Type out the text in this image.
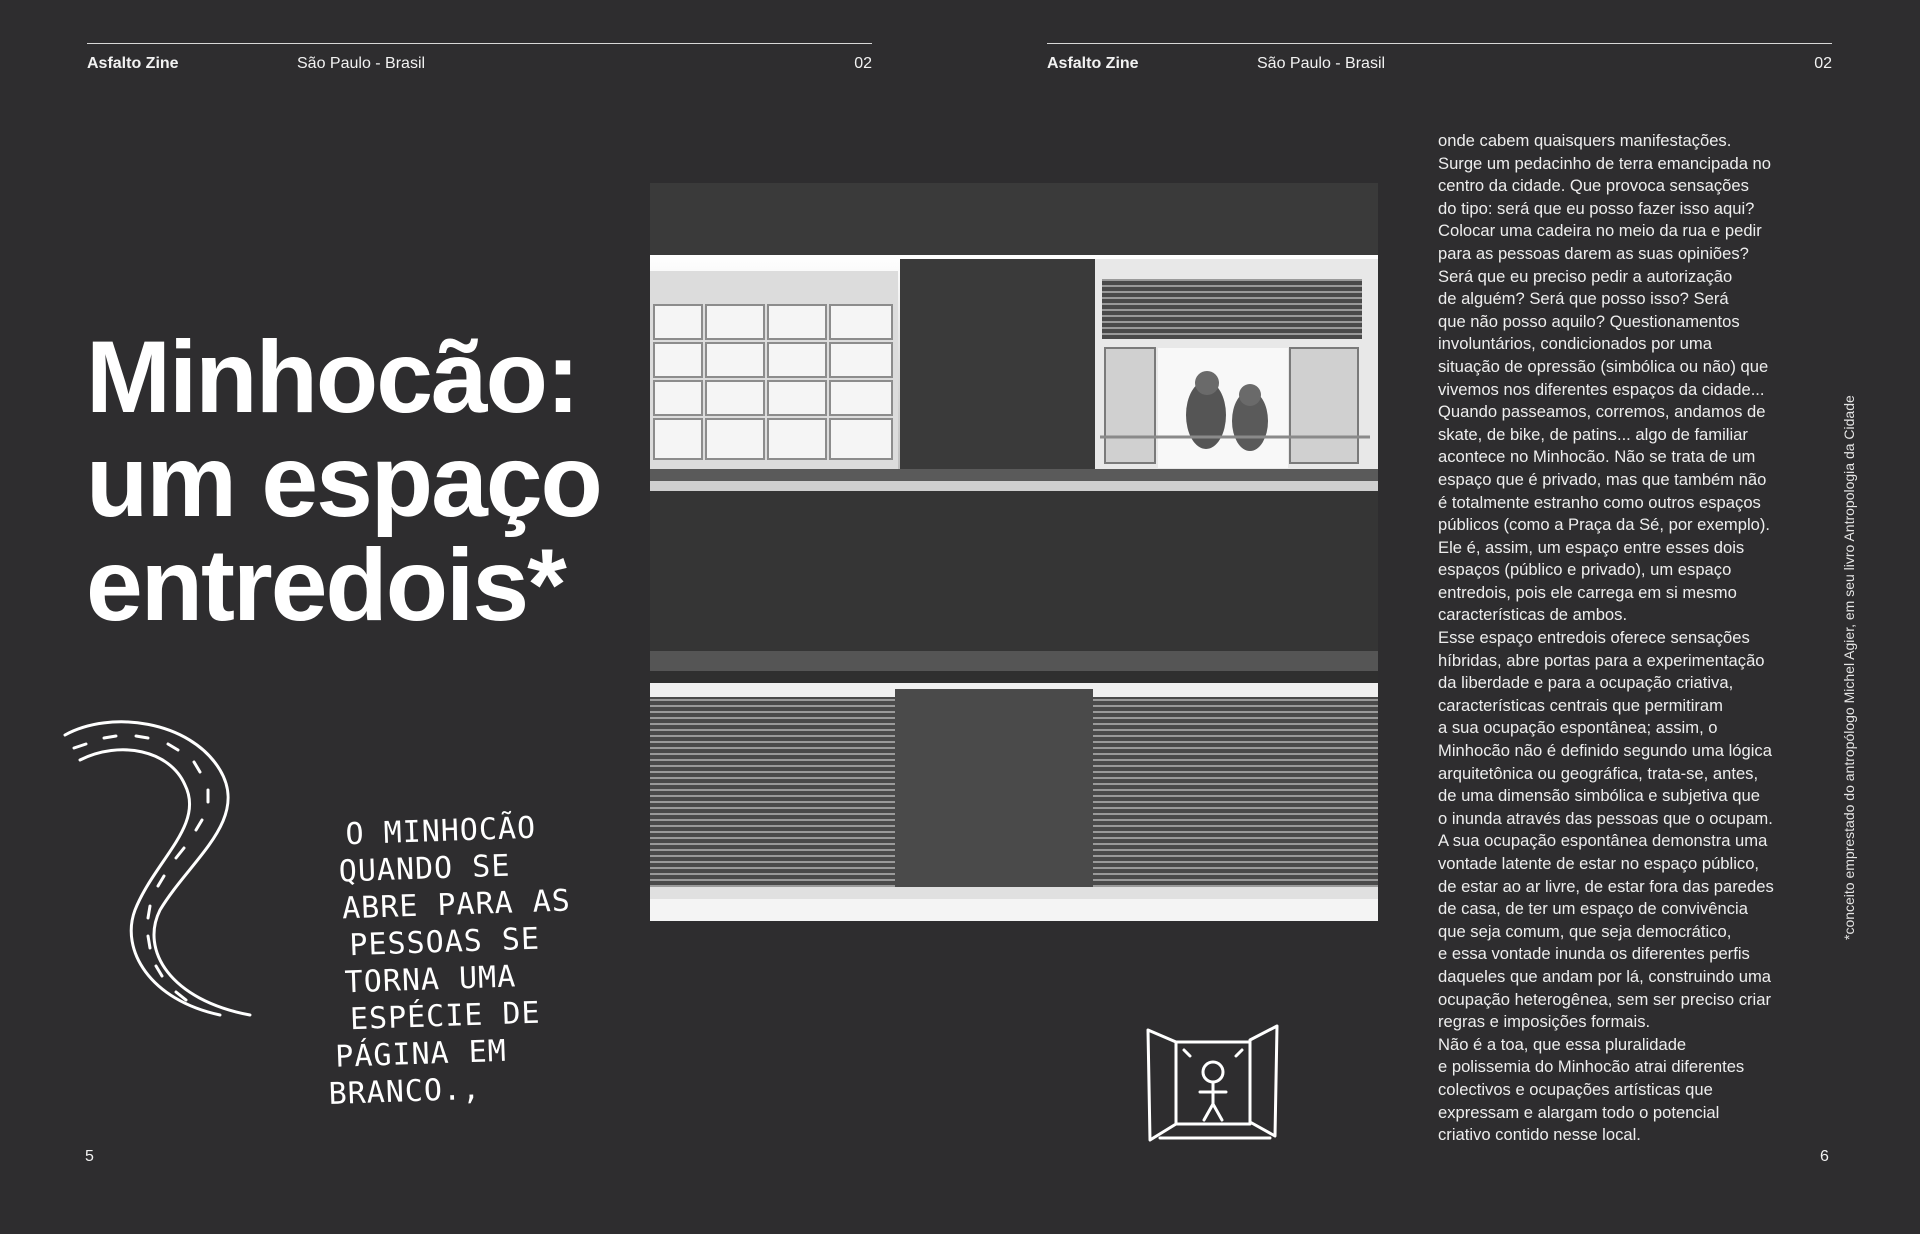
Asfalto Zine	São Paulo - Brasil	02	Asfalto Zine	São Paulo - Brasil	02
Minhocão:
um espaço
entredois*
O MINHOCÃO
QUANDO SE
ABRE PARA AS
PESSOAS SE
TORNA UMA
ESPÉCIE DE
PÁGINA EM
BRANCO.,

onde cabem quaisquers manifestações.
Surge um pedacinho de terra emancipada no
centro da cidade. Que provoca sensações
do tipo: será que eu posso fazer isso aqui?
Colocar uma cadeira no meio da rua e pedir
para as pessoas darem as suas opiniões?
Será que eu preciso pedir a autorização
de alguém? Será que posso isso? Será
que não posso aquilo? Questionamentos
involuntários, condicionados por uma
situação de opressão (simbólica ou não) que
vivemos nos diferentes espaços da cidade...
Quando passeamos, corremos, andamos de
skate, de bike, de patins... algo de familiar
acontece no Minhocão. Não se trata de um
espaço que é privado, mas que também não
é totalmente estranho como outros espaços
públicos (como a Praça da Sé, por exemplo).
Ele é, assim, um espaço entre esses dois
espaços (público e privado), um espaço
entredois, pois ele carrega em si mesmo
características de ambos.

Esse espaço entredois oferece sensações
híbridas, abre portas para a experimentação
da liberdade e para a ocupação criativa,
características centrais que permitiram
a sua ocupação espontânea; assim, o
Minhocão não é definido segundo uma lógica
arquitetônica ou geográfica, trata-se, antes,
de uma dimensão simbólica e subjetiva que
o inunda através das pessoas que o ocupam.
A sua ocupação espontânea demonstra uma
vontade latente de estar no espaço público,
de estar ao ar livre, de estar fora das paredes
de casa, de ter um espaço de convivência
que seja comum, que seja democrático,
e essa vontade inunda os diferentes perfis
daqueles que andam por lá, construindo uma
ocupação heterogênea, sem ser preciso criar
regras e imposições formais.

Não é a toa, que essa pluralidade
e polissemia do Minhocão atrai diferentes
colectivos e ocupações artísticas que
expressam e alargam todo o potencial
criativo contido nesse local.

*conceito emprestado do antropólogo Michel Agier, em seu livro Antropologia da Cidade
5	6
